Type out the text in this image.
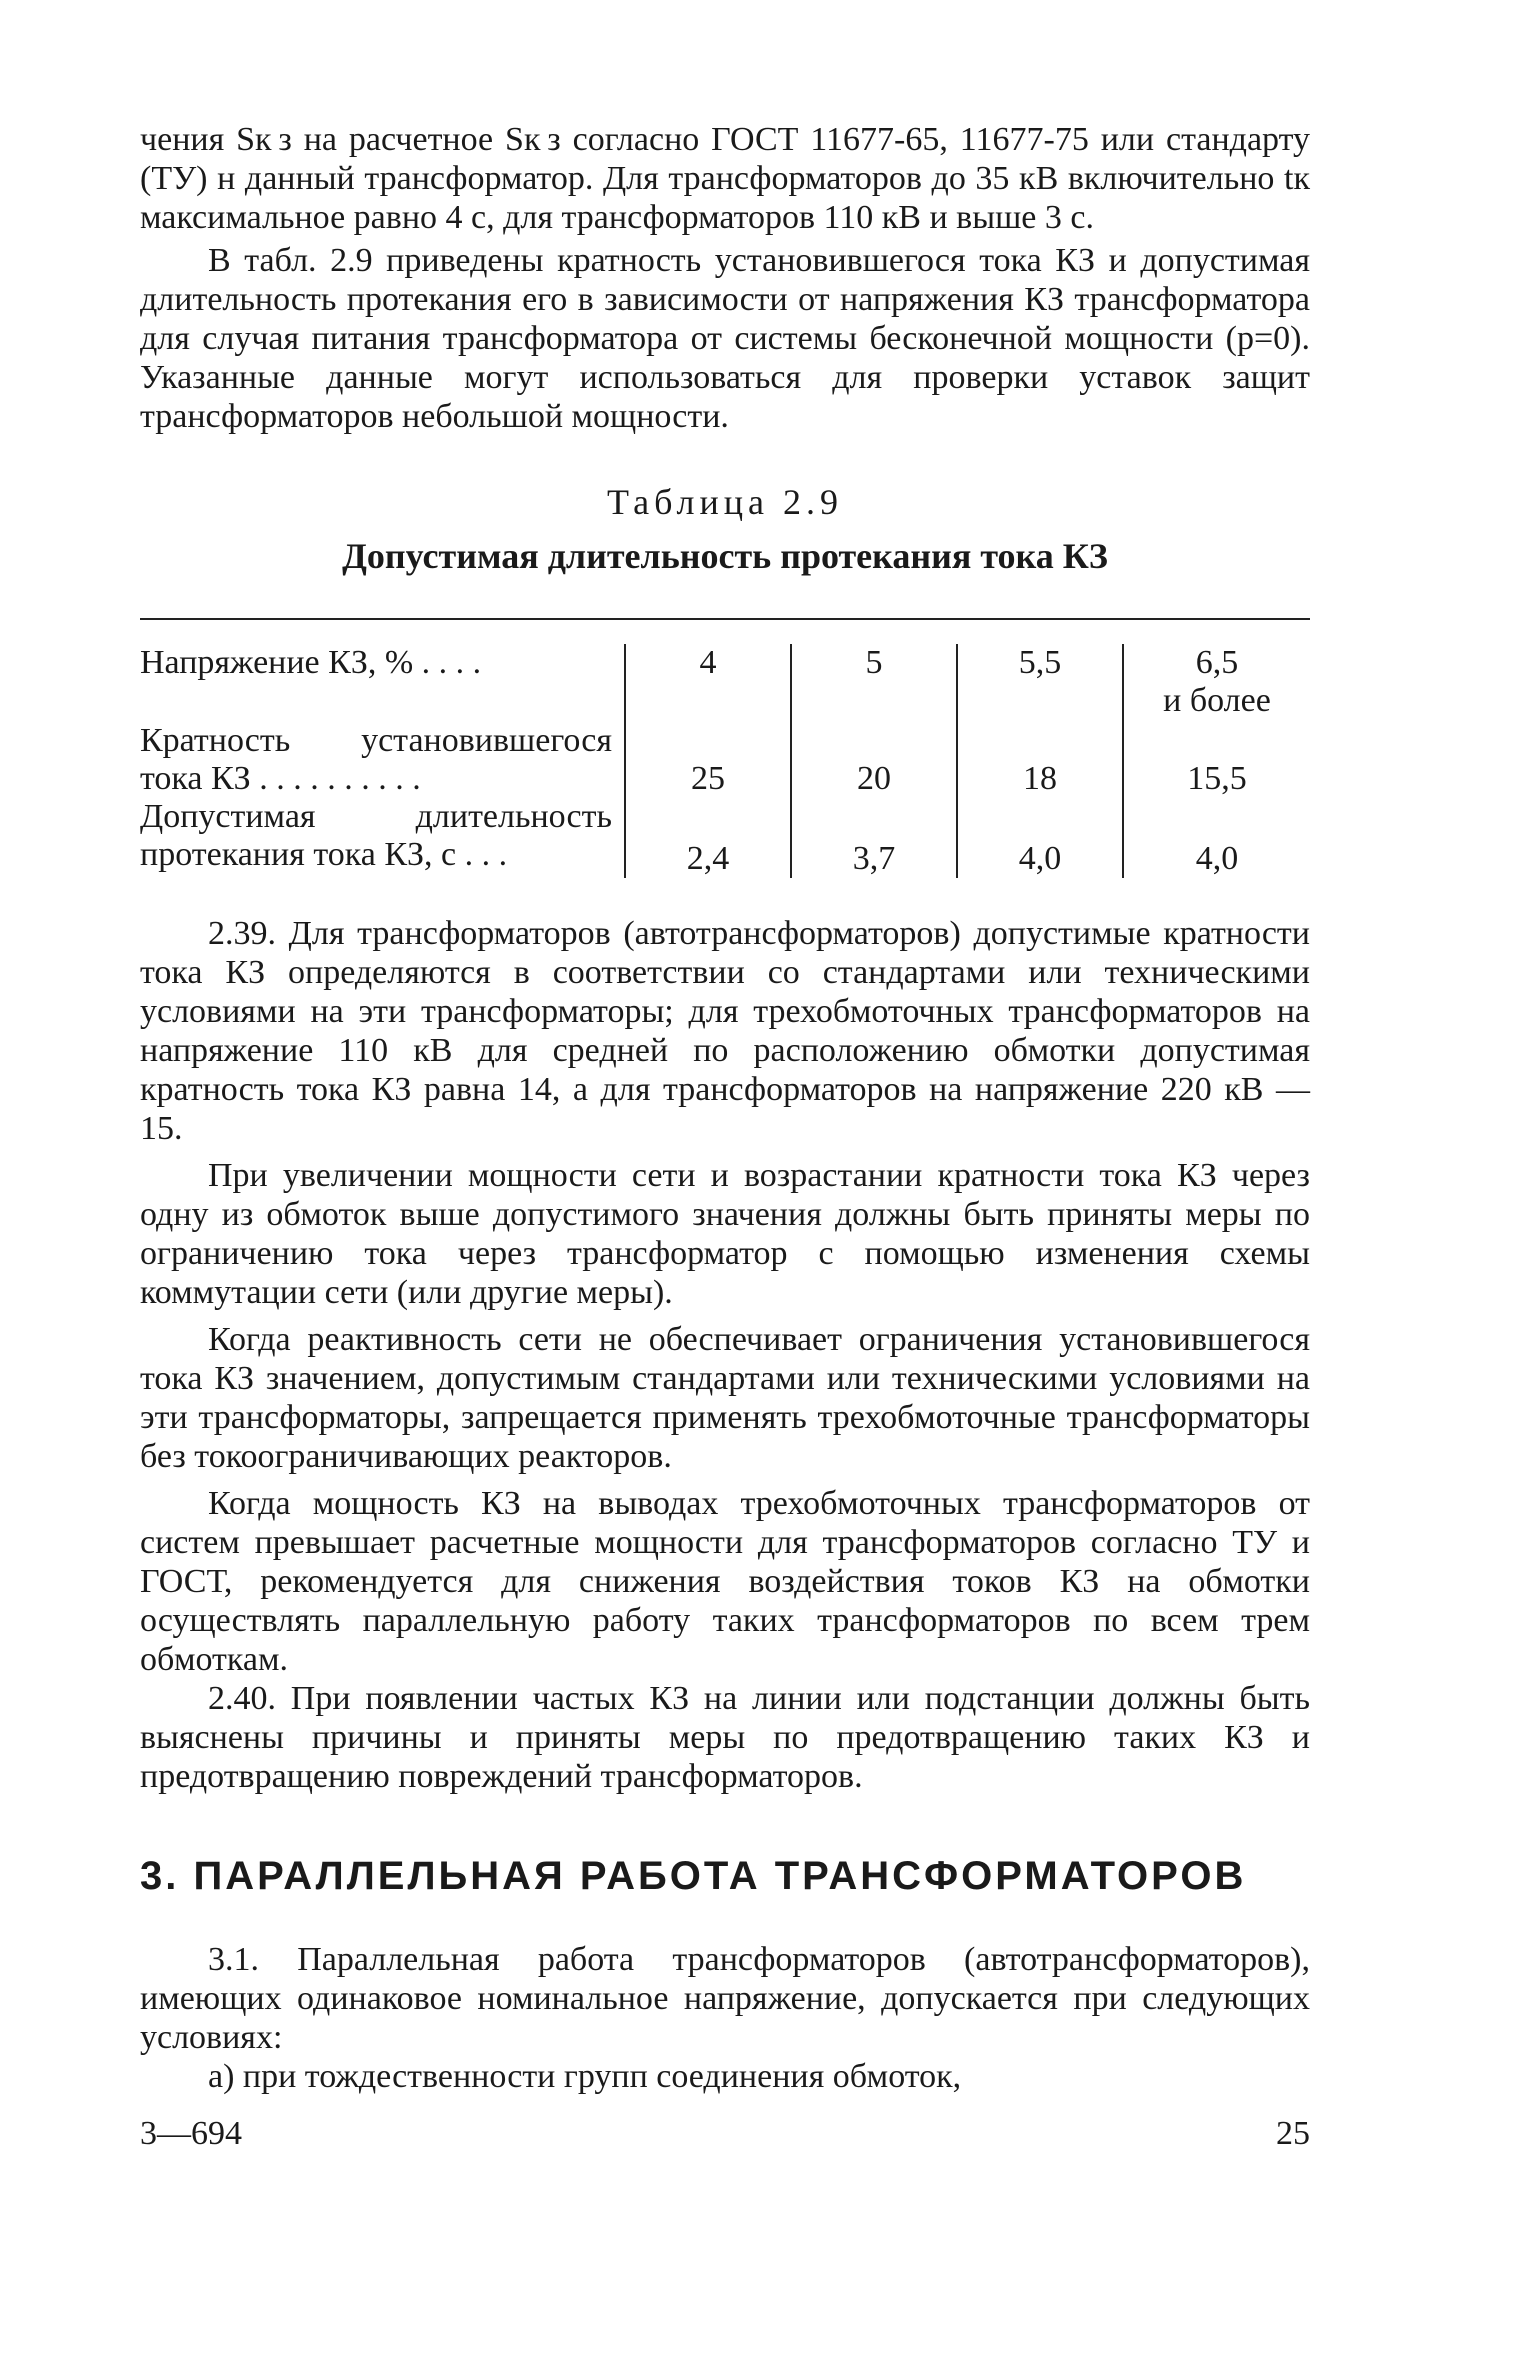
чения Sк з на расчетное Sк з согласно ГОСТ 11677-65, 11677-75 или стандарту (ТУ) н данный трансформатор. Для трансформаторов до 35 кВ включительно tк максимальное равно 4 с, для трансформаторов 110 кВ и выше 3 с.

В табл. 2.9 приведены кратность установившегося тока КЗ и допустимая длительность протекания его в зависимости от напряжения КЗ трансформатора для случая питания трансформатора от системы бесконечной мощности (p=0). Указанные данные могут использоваться для проверки уставок защит трансформаторов небольшой мощности.

Таблица 2.9
Допустимая длительность протекания тока КЗ
Напряжение КЗ, % . . . .	4	5	5,5	6,5
и более
Кратность установившегося
тока КЗ . . . . . . . . . .	25	20	18	15,5
Допустимая длительность
протекания тока КЗ, с . . .	2,4	3,7	4,0	4,0

2.39. Для трансформаторов (автотрансформаторов) допустимые кратности тока КЗ определяются в соответствии со стандартами или техническими условиями на эти трансформаторы; для трехобмоточных трансформаторов на напряжение 110 кВ для средней по расположению обмотки допустимая кратность тока КЗ равна 14, а для трансформаторов на напряжение 220 кВ — 15.

При увеличении мощности сети и возрастании кратности тока КЗ через одну из обмоток выше допустимого значения должны быть приняты меры по ограничению тока через трансформатор с помощью изменения схемы коммутации сети (или другие меры).

Когда реактивность сети не обеспечивает ограничения установившегося тока КЗ значением, допустимым стандартами или техническими условиями на эти трансформаторы, запрещается применять трехобмоточные трансформаторы без токоограничивающих реакторов.

Когда мощность КЗ на выводах трехобмоточных трансформаторов от систем превышает расчетные мощности для трансформаторов согласно ТУ и ГОСТ, рекомендуется для снижения воздействия токов КЗ на обмотки осуществлять параллельную работу таких трансформаторов по всем трем обмоткам.

2.40. При появлении частых КЗ на линии или подстанции должны быть выяснены причины и приняты меры по предотвращению таких КЗ и предотвращению повреждений трансформаторов.

3. ПАРАЛЛЕЛЬНАЯ РАБОТА ТРАНСФОРМАТОРОВ

3.1. Параллельная работа трансформаторов (автотрансформаторов), имеющих одинаковое номинальное напряжение, допускается при следующих условиях:

а) при тождественности групп соединения обмоток,

3—694	25
